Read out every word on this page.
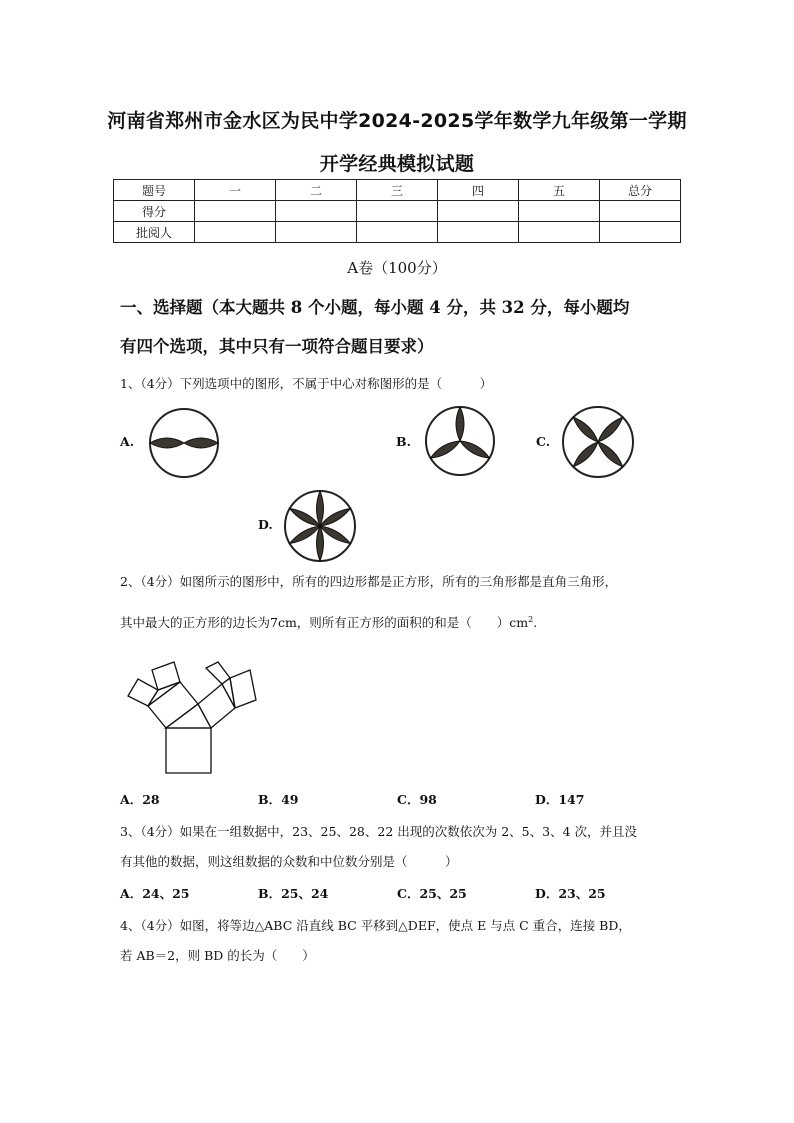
河南省郑州市金水区为民中学2024-2025学年数学九年级第一学期
开学经典模拟试题
题号	一	二	三	四	五	总分
得分						
批阅人						
A卷（100分）
一、选择题（本大题共 8 个小题，每小题 4 分，共 32 分，每小题均
有四个选项，其中只有一项符合题目要求）
1、（4分）下列选项中的图形，不属于中心对称图形的是（　　　）
A.	B.	C.
D.
2、（4分）如图所示的图形中，所有的四边形都是正方形，所有的三角形都是直角三角形，
其中最大的正方形的边长为7cm，则所有正方形的面积的和是（　　）$cm^2$.
A．28	B．49	C．98	D．147
3、（4分）如果在一组数据中，23、25、28、22 出现的次数依次为 2、5、3、4 次，并且没
有其他的数据，则这组数据的众数和中位数分别是（　　　）
A．24、25	B．25、24	C．25、25	D．23、25
4、（4分）如图，将等边△ABC 沿直线 BC 平移到△DEF，使点 E 与点 C 重合，连接 BD，
若 AB＝2，则 BD 的长为（　　）
